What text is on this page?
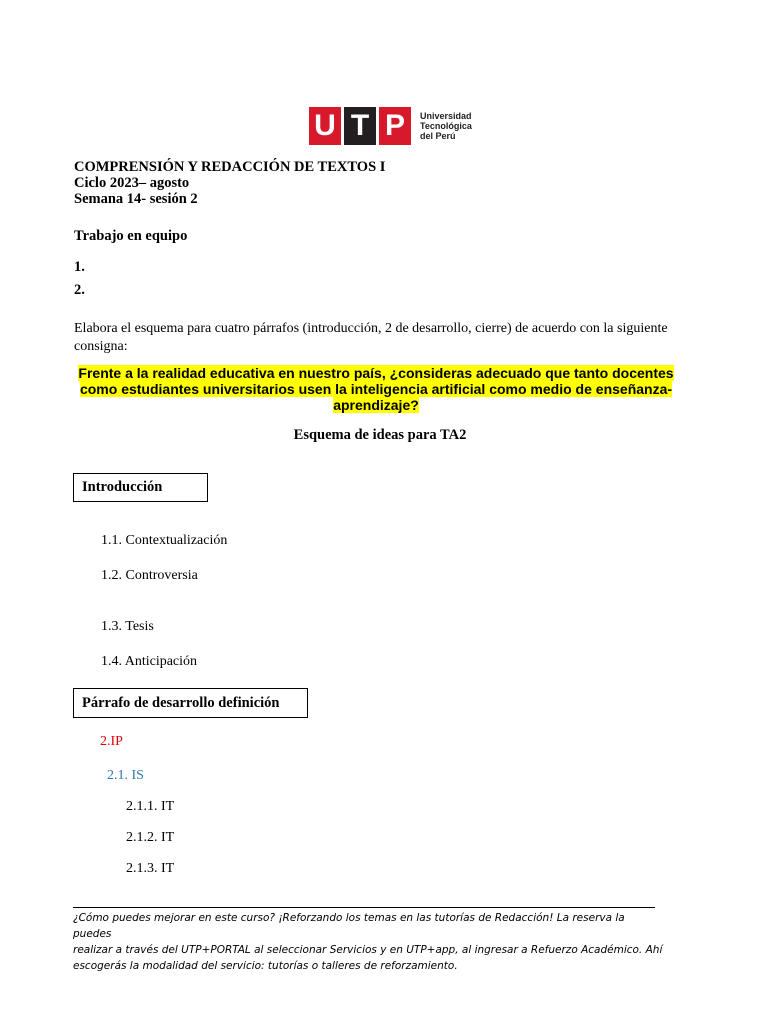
U T P	Universidad
Tecnológica
del Perú
COMPRENSIÓN Y REDACCIÓN DE TEXTOS I
Ciclo 2023– agosto
Semana 14- sesión 2
Trabajo en equipo
1.
2.
Elabora el esquema para cuatro párrafos (introducción, 2 de desarrollo, cierre) de acuerdo con la siguiente consigna:
Frente a la realidad educativa en nuestro país, ¿consideras adecuado que tanto docentes
como estudiantes universitarios usen la inteligencia artificial como medio de enseñanza-
aprendizaje?
Esquema de ideas para TA2
Introducción
1.1. Contextualización
1.2. Controversia
1.3. Tesis
1.4. Anticipación
Párrafo de desarrollo definición
2.IP
2.1. IS
2.1.1. IT
2.1.2. IT
2.1.3. IT
¿Cómo puedes mejorar en este curso? ¡Reforzando los temas en las tutorías de Redacción! La reserva la puedes
realizar a través del UTP+PORTAL al seleccionar Servicios y en UTP+app, al ingresar a Refuerzo Académico. Ahí
escogerás la modalidad del servicio: tutorías o talleres de reforzamiento.
